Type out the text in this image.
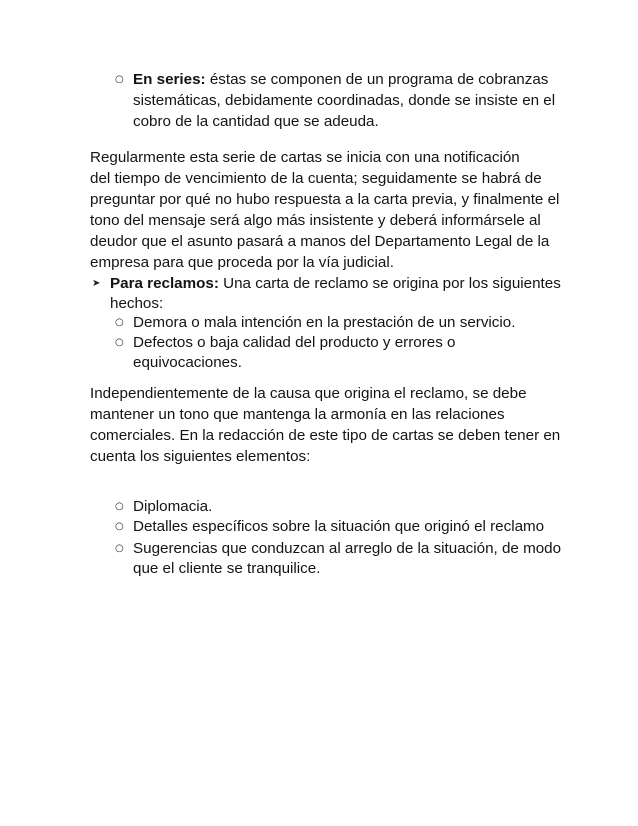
○ En series: éstas se componen de un programa de cobranzas
sistemáticas, debidamente coordinadas, donde se insiste en el
cobro de la cantidad que se adeuda.
Regularmente esta serie de cartas se inicia con una notificación
del tiempo de vencimiento de la cuenta; seguidamente se habrá de
preguntar por qué no hubo respuesta a la carta previa, y finalmente el
tono del mensaje será algo más insistente y deberá informársele al
deudor que el asunto pasará a manos del Departamento Legal de la
empresa para que proceda por la vía judicial.
➤ Para reclamos: Una carta de reclamo se origina por los siguientes
hechos:
○ Demora o mala intención en la prestación de un servicio.
○ Defectos o baja calidad del producto y errores o
equivocaciones.
Independientemente de la causa que origina el reclamo, se debe
mantener un tono que mantenga la armonía en las relaciones
comerciales. En la redacción de este tipo de cartas se deben tener en
cuenta los siguientes elementos:
○ Diplomacia.
○ Detalles específicos sobre la situación que originó el reclamo
○ Sugerencias que conduzcan al arreglo de la situación, de modo
que el cliente se tranquilice.
